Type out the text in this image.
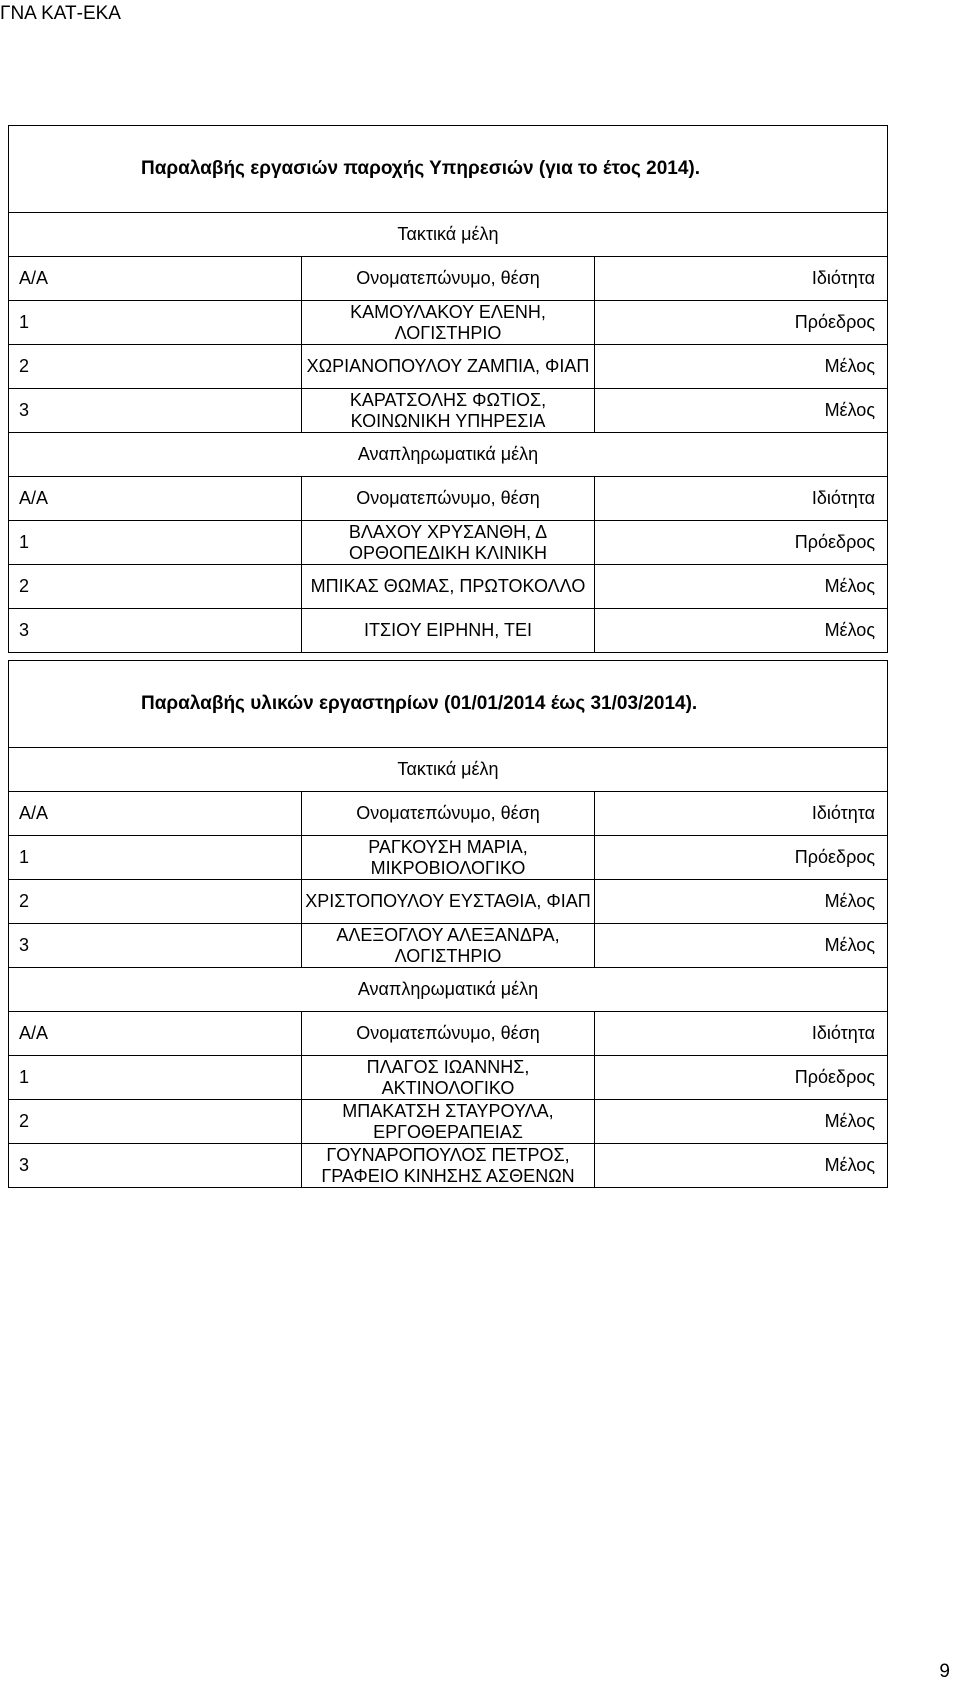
ΓΝΑ ΚΑΤ-ΕΚΑ
Παραλαβής εργασιών παροχής Υπηρεσιών (για το έτος 2014).		
Τακτικά μέλη		
Α/Α	Ονοματεπώνυμο, θέση	Ιδιότητα
1	ΚΑΜΟΥΛΑΚΟΥ ΕΛΕΝΗ, ΛΟΓΙΣΤΗΡΙΟ	Πρόεδρος
2	ΧΩΡΙΑΝΟΠΟΥΛΟΥ ΖΑΜΠΙΑ, ΦΙΑΠ	Μέλος
3	ΚΑΡΑΤΣΟΛΗΣ ΦΩΤΙΟΣ, ΚΟΙΝΩΝΙΚΗ ΥΠΗΡΕΣΙΑ	Μέλος
Αναπληρωματικά μέλη		
Α/Α	Ονοματεπώνυμο, θέση	Ιδιότητα
1	ΒΛΑΧΟΥ ΧΡΥΣΑΝΘΗ, Δ ΟΡΘΟΠΕΔΙΚΗ ΚΛΙΝΙΚΗ	Πρόεδρος
2	ΜΠΙΚΑΣ ΘΩΜΑΣ, ΠΡΩΤΟΚΟΛΛΟ	Μέλος
3	ΙΤΣΙΟΥ ΕΙΡΗΝΗ, ΤΕΙ	Μέλος
Παραλαβής υλικών εργαστηρίων (01/01/2014 έως 31/03/2014).		
Τακτικά μέλη		
Α/Α	Ονοματεπώνυμο, θέση	Ιδιότητα
1	ΡΑΓΚΟΥΣΗ ΜΑΡΙΑ, ΜΙΚΡΟΒΙΟΛΟΓΙΚΟ	Πρόεδρος
2	ΧΡΙΣΤΟΠΟΥΛΟΥ ΕΥΣΤΑΘΙΑ, ΦΙΑΠ	Μέλος
3	ΑΛΕΞΟΓΛΟΥ ΑΛΕΞΑΝΔΡΑ, ΛΟΓΙΣΤΗΡΙΟ	Μέλος
Αναπληρωματικά μέλη		
Α/Α	Ονοματεπώνυμο, θέση	Ιδιότητα
1	ΠΛΑΓΟΣ ΙΩΑΝΝΗΣ, ΑΚΤΙΝΟΛΟΓΙΚΟ	Πρόεδρος
2	ΜΠΑΚΑΤΣΗ ΣΤΑΥΡΟΥΛΑ, ΕΡΓΟΘΕΡΑΠΕΙΑΣ	Μέλος
3	ΓΟΥΝΑΡΟΠΟΥΛΟΣ ΠΕΤΡΟΣ, ΓΡΑΦΕΙΟ ΚΙΝΗΣΗΣ ΑΣΘΕΝΩΝ	Μέλος
9
